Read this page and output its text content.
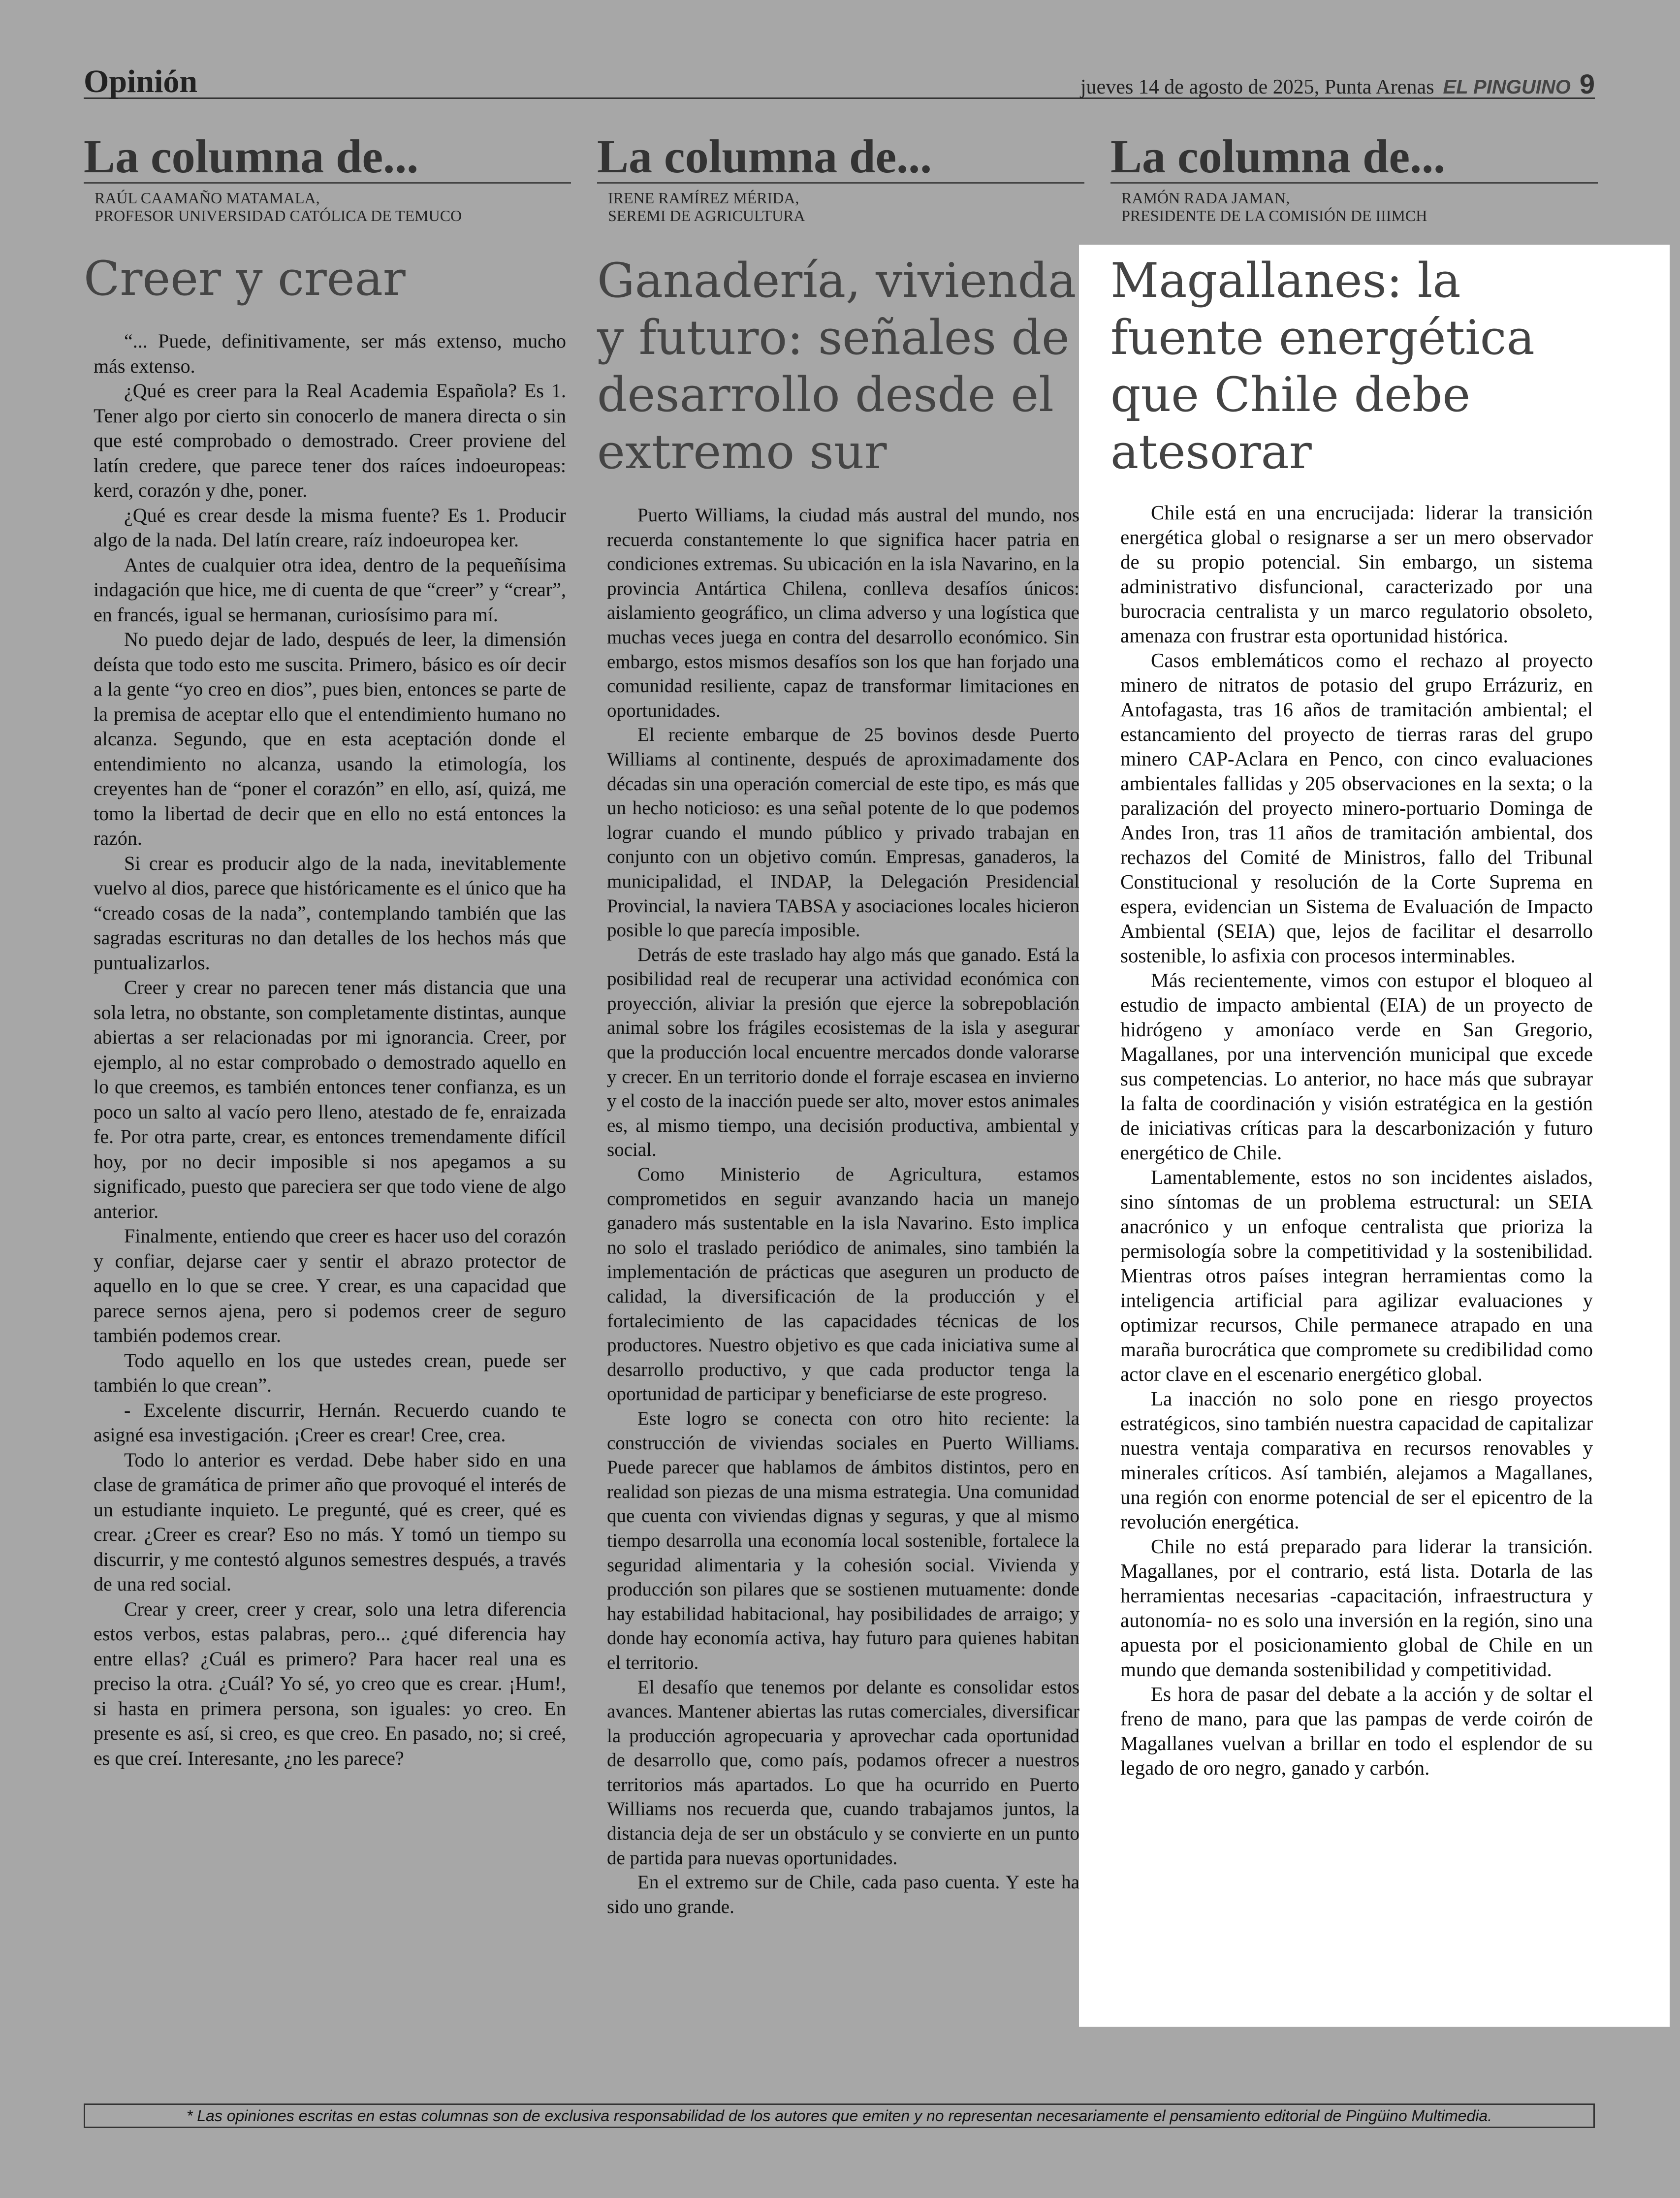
Opinión	jueves 14 de agosto de 2025, Punta Arenas EL PINGUINO 9
La columna de...
RAÚL CAAMAÑO MATAMALA,
PROFESOR UNIVERSIDAD CATÓLICA DE TEMUCO
Creer y crear

“... Puede, definitivamente, ser más extenso, mucho más extenso.

¿Qué es creer para la Real Academia Española? Es 1. Tener algo por cierto sin conocerlo de manera directa o sin que esté comprobado o demostrado. Creer proviene del latín credere, que parece tener dos raíces indoeuropeas: kerd, corazón y dhe, poner.

¿Qué es crear desde la misma fuente? Es 1. Producir algo de la nada. Del latín creare, raíz indoeuropea ker.

Antes de cualquier otra idea, dentro de la pequeñísima indagación que hice, me di cuenta de que “creer” y “crear”, en francés, igual se hermanan, curiosísimo para mí.

No puedo dejar de lado, después de leer, la dimensión deísta que todo esto me suscita. Primero, básico es oír decir a la gente “yo creo en dios”, pues bien, entonces se parte de la premisa de aceptar ello que el entendimiento humano no alcanza. Segundo, que en esta aceptación donde el entendimiento no alcanza, usando la etimología, los creyentes han de “poner el corazón” en ello, así, quizá, me tomo la libertad de decir que en ello no está entonces la razón.

Si crear es producir algo de la nada, inevitablemente vuelvo al dios, parece que históricamente es el único que ha “creado cosas de la nada”, contemplando también que las sagradas escrituras no dan detalles de los hechos más que puntualizarlos.

Creer y crear no parecen tener más distancia que una sola letra, no obstante, son completamente distintas, aunque abiertas a ser relacionadas por mi ignorancia. Creer, por ejemplo, al no estar comprobado o demostrado aquello en lo que creemos, es también entonces tener confianza, es un poco un salto al vacío pero lleno, atestado de fe, enraizada fe. Por otra parte, crear, es entonces tremendamente difícil hoy, por no decir imposible si nos apegamos a su significado, puesto que pareciera ser que todo viene de algo anterior.

Finalmente, entiendo que creer es hacer uso del corazón y confiar, dejarse caer y sentir el abrazo protector de aquello en lo que se cree. Y crear, es una capacidad que parece sernos ajena, pero si podemos creer de seguro también podemos crear.

Todo aquello en los que ustedes crean, puede ser también lo que crean”.

- Excelente discurrir, Hernán. Recuerdo cuando te asigné esa investigación. ¡Creer es crear! Cree, crea.

Todo lo anterior es verdad. Debe haber sido en una clase de gramática de primer año que provoqué el interés de un estudiante inquieto. Le pregunté, qué es creer, qué es crear. ¿Creer es crear? Eso no más. Y tomó un tiempo su discurrir, y me contestó algunos semestres después, a través de una red social.

Crear y creer, creer y crear, solo una letra diferencia estos verbos, estas palabras, pero... ¿qué diferencia hay entre ellas? ¿Cuál es primero? Para hacer real una es preciso la otra. ¿Cuál? Yo sé, yo creo que es crear. ¡Hum!, si hasta en primera persona, son iguales: yo creo. En presente es así, si creo, es que creo. En pasado, no; si creé, es que creí. Interesante, ¿no les parece?

La columna de...
IRENE RAMÍREZ MÉRIDA,
SEREMI DE AGRICULTURA
Ganadería, vivienda y futuro: señales de desarrollo desde el extremo sur

Puerto Williams, la ciudad más austral del mundo, nos recuerda constantemente lo que significa hacer patria en condiciones extremas. Su ubicación en la isla Navarino, en la provincia Antártica Chilena, conlleva desafíos únicos: aislamiento geográfico, un clima adverso y una logística que muchas veces juega en contra del desarrollo económico. Sin embargo, estos mismos desafíos son los que han forjado una comunidad resiliente, capaz de transformar limitaciones en oportunidades.

El reciente embarque de 25 bovinos desde Puerto Williams al continente, después de aproximadamente dos décadas sin una operación comercial de este tipo, es más que un hecho noticioso: es una señal potente de lo que podemos lograr cuando el mundo público y privado trabajan en conjunto con un objetivo común. Empresas, ganaderos, la municipalidad, el INDAP, la Delegación Presidencial Provincial, la naviera TABSA y asociaciones locales hicieron posible lo que parecía imposible.

Detrás de este traslado hay algo más que ganado. Está la posibilidad real de recuperar una actividad económica con proyección, aliviar la presión que ejerce la sobrepoblación animal sobre los frágiles ecosistemas de la isla y asegurar que la producción local encuentre mercados donde valorarse y crecer. En un territorio donde el forraje escasea en invierno y el costo de la inacción puede ser alto, mover estos animales es, al mismo tiempo, una decisión productiva, ambiental y social.

Como Ministerio de Agricultura, estamos comprometidos en seguir avanzando hacia un manejo ganadero más sustentable en la isla Navarino. Esto implica no solo el traslado periódico de animales, sino también la implementación de prácticas que aseguren un producto de calidad, la diversificación de la producción y el fortalecimiento de las capacidades técnicas de los productores. Nuestro objetivo es que cada iniciativa sume al desarrollo productivo, y que cada productor tenga la oportunidad de participar y beneficiarse de este progreso.

Este logro se conecta con otro hito reciente: la construcción de viviendas sociales en Puerto Williams. Puede parecer que hablamos de ámbitos distintos, pero en realidad son piezas de una misma estrategia. Una comunidad que cuenta con viviendas dignas y seguras, y que al mismo tiempo desarrolla una economía local sostenible, fortalece la seguridad alimentaria y la cohesión social. Vivienda y producción son pilares que se sostienen mutuamente: donde hay estabilidad habitacional, hay posibilidades de arraigo; y donde hay economía activa, hay futuro para quienes habitan el territorio.

El desafío que tenemos por delante es consolidar estos avances. Mantener abiertas las rutas comerciales, diversificar la producción agropecuaria y aprovechar cada oportunidad de desarrollo que, como país, podamos ofrecer a nuestros territorios más apartados. Lo que ha ocurrido en Puerto Williams nos recuerda que, cuando trabajamos juntos, la distancia deja de ser un obstáculo y se convierte en un punto de partida para nuevas oportunidades.

En el extremo sur de Chile, cada paso cuenta. Y este ha sido uno grande.

La columna de...
RAMÓN RADA JAMAN,
PRESIDENTE DE LA COMISIÓN DE IIIMCH
Magallanes: la fuente energética que Chile debe atesorar

Chile está en una encrucijada: liderar la transición energética global o resignarse a ser un mero observador de su propio potencial. Sin embargo, un sistema administrativo disfuncional, caracterizado por una burocracia centralista y un marco regulatorio obsoleto, amenaza con frustrar esta oportunidad histórica.

Casos emblemáticos como el rechazo al proyecto minero de nitratos de potasio del grupo Errázuriz, en Antofagasta, tras 16 años de tramitación ambiental; el estancamiento del proyecto de tierras raras del grupo minero CAP-Aclara en Penco, con cinco evaluaciones ambientales fallidas y 205 observaciones en la sexta; o la paralización del proyecto minero-portuario Dominga de Andes Iron, tras 11 años de tramitación ambiental, dos rechazos del Comité de Ministros, fallo del Tribunal Constitucional y resolución de la Corte Suprema en espera, evidencian un Sistema de Evaluación de Impacto Ambiental (SEIA) que, lejos de facilitar el desarrollo sostenible, lo asfixia con procesos interminables.

Más recientemente, vimos con estupor el bloqueo al estudio de impacto ambiental (EIA) de un proyecto de hidrógeno y amoníaco verde en San Gregorio, Magallanes, por una intervención municipal que excede sus competencias. Lo anterior, no hace más que subrayar la falta de coordinación y visión estratégica en la gestión de iniciativas críticas para la descarbonización y futuro energético de Chile.

Lamentablemente, estos no son incidentes aislados, sino síntomas de un problema estructural: un SEIA anacrónico y un enfoque centralista que prioriza la permisología sobre la competitividad y la sostenibilidad. Mientras otros países integran herramientas como la inteligencia artificial para agilizar evaluaciones y optimizar recursos, Chile permanece atrapado en una maraña burocrática que compromete su credibilidad como actor clave en el escenario energético global.

La inacción no solo pone en riesgo proyectos estratégicos, sino también nuestra capacidad de capitalizar nuestra ventaja comparativa en recursos renovables y minerales críticos. Así también, alejamos a Magallanes, una región con enorme potencial de ser el epicentro de la revolución energética.

Chile no está preparado para liderar la transición. Magallanes, por el contrario, está lista. Dotarla de las herramientas necesarias -capacitación, infraestructura y autonomía- no es solo una inversión en la región, sino una apuesta por el posicionamiento global de Chile en un mundo que demanda sostenibilidad y competitividad.

Es hora de pasar del debate a la acción y de soltar el freno de mano, para que las pampas de verde coirón de Magallanes vuelvan a brillar en todo el esplendor de su legado de oro negro, ganado y carbón.

* Las opiniones escritas en estas columnas son de exclusiva responsabilidad de los autores que emiten y no representan necesariamente el pensamiento editorial de Pingüino Multimedia.
